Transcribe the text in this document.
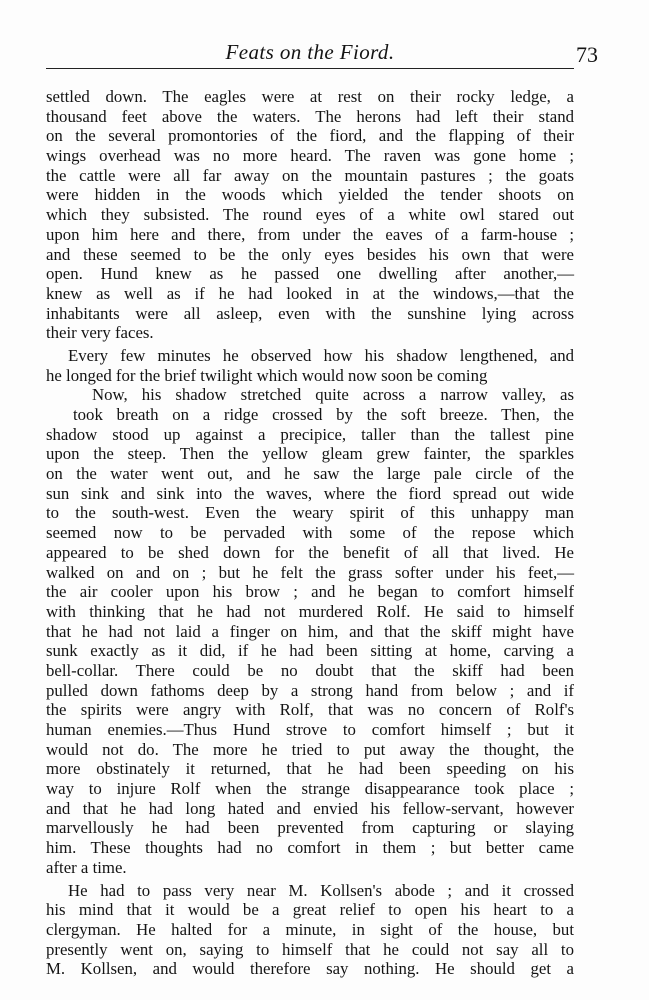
Feats on the Fiord.	73
settled down. The eagles were at rest on their rocky ledge, a
thousand feet above the waters. The herons had left their stand
on the several promontories of the fiord, and the flapping of their
wings overhead was no more heard. The raven was gone home ;
the cattle were all far away on the mountain pastures ; the goats
were hidden in the woods which yielded the tender shoots on
which they subsisted. The round eyes of a white owl stared out
upon him here and there, from under the eaves of a farm-house ;
and these seemed to be the only eyes besides his own that were
open. Hund knew as he passed one dwelling after another,—
knew as well as if he had looked in at the windows,—that the
inhabitants were all asleep, even with the sunshine lying across
their very faces.
Every few minutes he observed how his shadow lengthened, and
he longed for the brief twilight which would now soon be coming
Now, his shadow stretched quite across a narrow valley, as
took breath on a ridge crossed by the soft breeze. Then, the
shadow stood up against a precipice, taller than the tallest pine
upon the steep. Then the yellow gleam grew fainter, the sparkles
on the water went out, and he saw the large pale circle of the
sun sink and sink into the waves, where the fiord spread out wide
to the south-west. Even the weary spirit of this unhappy man
seemed now to be pervaded with some of the repose which
appeared to be shed down for the benefit of all that lived. He
walked on and on ; but he felt the grass softer under his feet,—
the air cooler upon his brow ; and he began to comfort himself
with thinking that he had not murdered Rolf. He said to himself
that he had not laid a finger on him, and that the skiff might have
sunk exactly as it did, if he had been sitting at home, carving a
bell-collar. There could be no doubt that the skiff had been
pulled down fathoms deep by a strong hand from below ; and if
the spirits were angry with Rolf, that was no concern of Rolf's
human enemies.—Thus Hund strove to comfort himself ; but it
would not do. The more he tried to put away the thought, the
more obstinately it returned, that he had been speeding on his
way to injure Rolf when the strange disappearance took place ;
and that he had long hated and envied his fellow-servant, however
marvellously he had been prevented from capturing or slaying
him. These thoughts had no comfort in them ; but better came
after a time.
He had to pass very near M. Kollsen's abode ; and it crossed
his mind that it would be a great relief to open his heart to a
clergyman. He halted for a minute, in sight of the house, but
presently went on, saying to himself that he could not say all to
M. Kollsen, and would therefore say nothing. He should get a
